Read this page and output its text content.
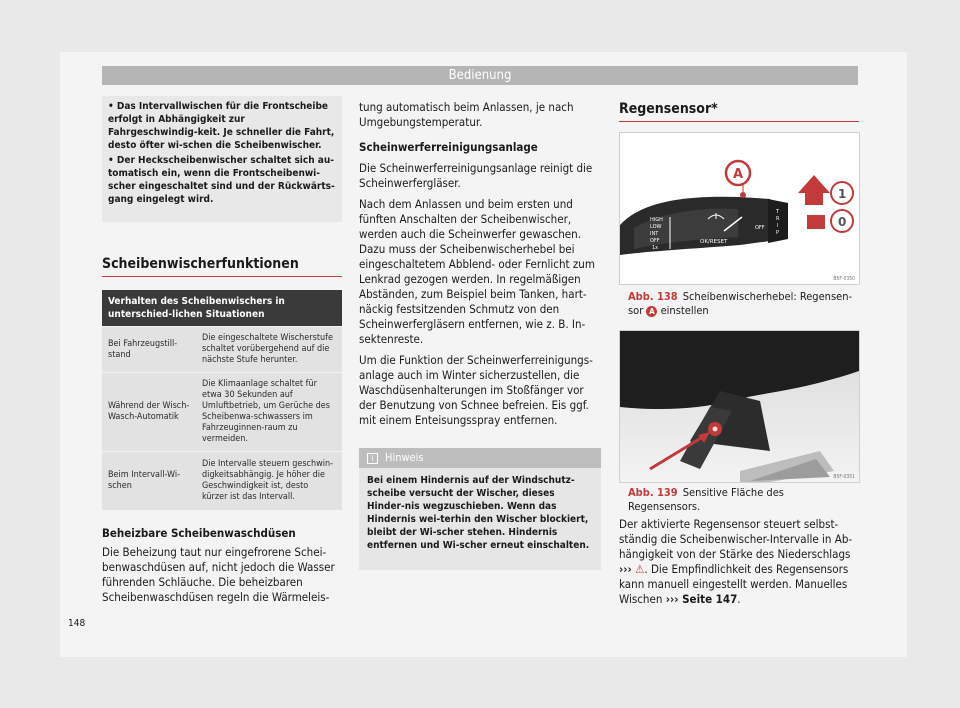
Bedienung

• Das Intervallwischen für die Frontscheibe erfolgt in Abhängigkeit zur Fahrgeschwindig-keit. Je schneller die Fahrt, desto öfter wi-schen die Scheibenwischer.

• Der Heckscheibenwischer schaltet sich au-tomatisch ein, wenn die Frontscheibenwi-scher eingeschaltet sind und der Rückwärts-gang eingelegt wird.

Scheibenwischerfunktionen
Verhalten des Scheibenwischers in unterschied-lichen Situationen	

Bei Fahrzeugstill-stand	Die eingeschaltete Wischerstufe schaltet vorübergehend auf die nächste Stufe herunter.

Während der Wisch-Wasch-Automatik	Die Klimaanlage schaltet für etwa 30 Sekunden auf Umluftbetrieb, um Gerüche des Scheibenwa-schwassers im Fahrzeuginnen-raum zu vermeiden.

Beim Intervall-Wi-schen	Die Intervalle steuern geschwin-digkeitsabhängig. Je höher die Geschwindigkeit ist, desto kürzer ist das Intervall.

Beheizbare Scheibenwaschdüsen

Die Beheizung taut nur eingefrorene Schei-benwaschdüsen auf, nicht jedoch die Wasser führenden Schläuche. Die beheizbaren Scheibenwaschdüsen regeln die Wärmeleis-

tung automatisch beim Anlassen, je nach Umgebungstemperatur.

Scheinwerferreinigungsanlage

Die Scheinwerferreinigungsanlage reinigt die Scheinwerfergläser.

Nach dem Anlassen und beim ersten und fünften Anschalten der Scheibenwischer, werden auch die Scheinwerfer gewaschen. Dazu muss der Scheibenwischerhebel bei eingeschaltetem Abblend- oder Fernlicht zum Lenkrad gezogen werden. In regelmäßigen Abständen, zum Beispiel beim Tanken, hart-näckig festsitzenden Schmutz von den Scheinwerfergläsern entfernen, wie z. B. In-sektenreste.

Um die Funktion der Scheinwerferreinigungs-anlage auch im Winter sicherzustellen, die Waschdüsenhalterungen im Stoßfänger vor der Benutzung von Schnee befreien. Eis ggf. mit einem Enteisungsspray entfernen.

i	Hinweis
Bei einem Hindernis auf der Windschutz-scheibe versucht der Wischer, dieses Hinder-nis wegzuschieben. Wenn das Hindernis wei-terhin den Wischer blockiert, bleibt der Wi-scher stehen. Hindernis entfernen und Wi-scher erneut einschalten.
Regensensor*
HIGH
LOW
INT
OFF
1x
OK/RESET
OFF
T
R
I
P
A
1
0
B5F-0350
Abb. 138 Scheibenwischerhebel: Regensen-sor A einstellen
B5F-0351
Abb. 139 Sensitive Fläche des Regensensors.
Der aktivierte Regensensor steuert selbst-ständig die Scheibenwischer-Intervalle in Ab-hängigkeit von der Stärke des Niederschlags ››› ⚠. Die Empfindlichkeit des Regensensors kann manuell eingestellt werden. Manuelles Wischen ››› Seite 147.
148
